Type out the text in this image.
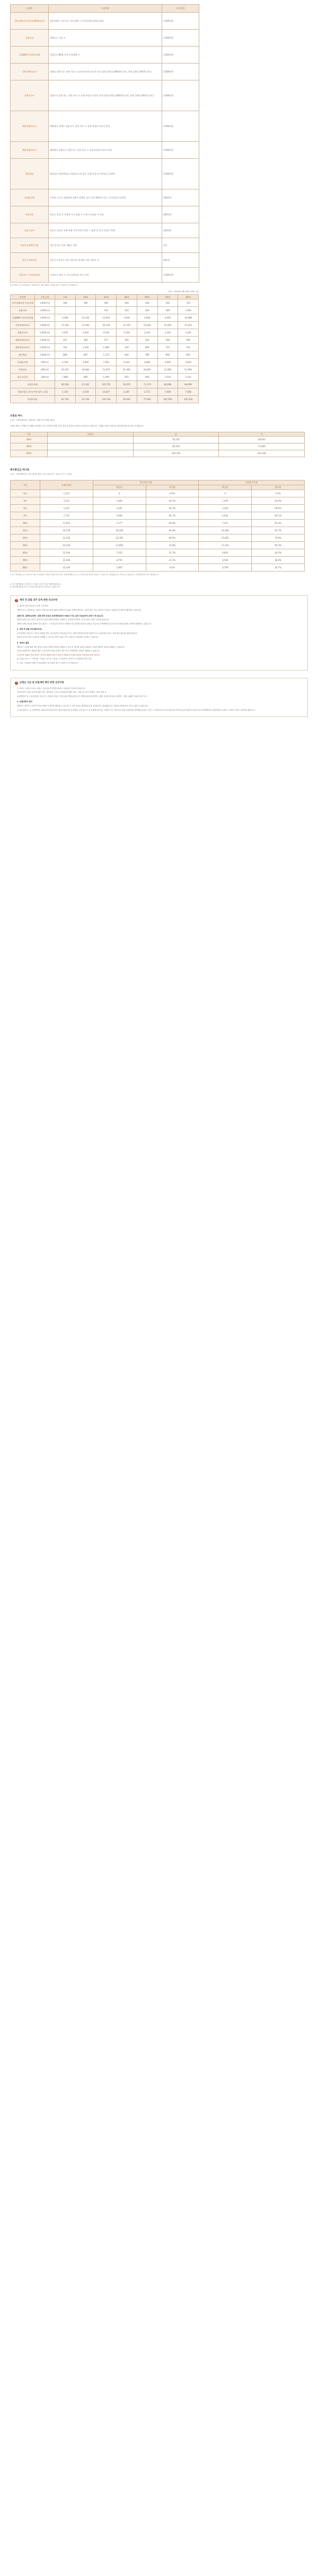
보장명	보장내용	보상금액
일반상해사망·후유장해(3%초과)	일반상해로 사망 또는 후유장해 시 (가입금액×장해지급률)	1,000만원
질병사망	질병으로 사망 시	1,000만원
질병80%이상후유장해	질병으로 80% 이상 후유장해 시	1,000만원
일반상해의료비	상해로 입원 또는 통원 치료 시 실제 부담한 의료비 보상 (입원 최대 5,000만원 한도, 통원 1회당 30만원 한도)	5,000만원
질병의료비	질병으로 입원 또는 통원 치료 시 실제 부담한 의료비 보상 (입원 최대 5,000만원 한도, 통원 1회당 30만원 한도)	5,000만원
해외상해의료비	해외에서 상해로 입원 또는 통원 치료 시 실제 부담한 의료비 보상	5,000만원
해외질병의료비	해외에서 질병으로 입원 또는 통원 치료 시 실제 부담한 의료비 보상	5,000만원
배상책임	법률상의 배상책임을 부담함으로써 입은 손해 보상 (자기부담금 1만원)	3,000만원
휴대품손해	우연한 사고로 휴대품에 손해가 발생한 경우 (1개 20만원 한도, 자기부담금 1만원)	100만원
특별비용	항공기 납치 등 특별한 사고 발생 시 수색·구조비용 등 보상	500만원
항공기납치	항공기 납치로 인해 예정 목적지에 도착할 수 없게 된 경우 1일당 7만원	140만원
여권분실재발급비용	여권 분실로 인한 재발급 비용	실비
항공기지연비용	항공기가 4시간 이상 지연되어 발생한 식비·숙박비 등	20만원
중대사고 구조송환비용	중대사고 발생 시 구조·송환비용 실손 보상	1,000만원
※ 보상한도 및 자기부담금, 면책사항 등 세부 내용은 약관을 반드시 확인하시기 바랍니다.
(기준 : 2019년 3월 현재 / 단위 : 원)
보장명	가입금액	1세	10세	20세	30세	40세	50세	60세
일반상해사망·후유장해	1,000만원	180	180	630	630	540	540	720
질병사망	1,000만원	-	-	150	150	240	480	1,260
질병80%이상후유장해	1,000만원	3,390	10,350	13,050	1,940	2,980	4,950	10,680
일반상해의료비	5,000만원	11,550	15,460	20,160	11,520	14,020	15,020	15,020
질병의료비	5,000만원	2,670	2,650	4,540	5,300	2,450	3,320	3,320
해외상해의료비	5,000만원	267	366	477	180	200	299	299
해외질병의료비	5,000만원	750	1,226	1,468	450	600	705	705
배상책임	3,000만원	889	687	1,213	844	789	804	804
휴대품손해	100만원	4,190	3,600	7,050	6,320	4,680	4,920	4,920
특별비용	500만원	50,100	42,860	55,510	31,460	40,800	51,960	51,960
항공기납치	140만원	7,880	980	1,090	950	900	1,010	1,010
보험료합계		80,548	67,461	105,750	54,070	71,379	84,669	84,669
적립보험료 (자동이체 할인 포함)		2,154	4,559	10,067	1,007	2,721	7,608	7,608
합계보험료		82,700	62,100	140,100	58,300	75,000	102,200	102,200
보험료 예시
(기준 : 일반상해사망, 질병사망, 여행기간 1개월, 월납)
보험료 예시는 여행기간 1개월, 피보험자 1인 기준이며 성별, 연령, 직업 등에 따라 보험료는 달라질 수 있습니다. 자세한 사항은 약관 및 상품설명서를 참고하시기 바랍니다.
구분	보험료	남	여
30세		50,150	58,000
40세		60,100	75,000
50세		140,100	102,200
해지환급금 예시표
(기준 : 일반상해사망, 남자 40세, 월납, 1일 / 납입기간 : 20년, 만기 : 20년)
구분	납입보험료	최저보증이율		현재공시이율	
		환급금	환급률	환급금	환급률
1년	1,153	0	0.0%	0	0.0%
3년	3,315	1,469	44.3%	1,474	44.4%
5년	5,525	3,245	58.7%	3,259	58.9%
7년	7,735	5,006	64.7%	5,034	65.1%
10년	11,052	7,177	64.9%	7,227	65.4%
15년	16,578	10,268	61.9%	10,390	62.7%
20년	22,104	14,785	66.9%	15,605	70.6%
30년	22,104	11,669	52.8%	13,323	60.3%
40년	22,104	7,012	31.7%	9,833	44.5%
50년	22,104	4,765	21.5%	8,540	38.6%
60년	22,104	1,867	8.5%	6,796	30.7%
※ 상기 해지환급금은 최저보증이율 및 현재공시이율을 적용한 예시이며, 실제 해지환급금은 공시이율 변동에 따라 달라질 수 있습니다. 해지환급금은 보험료 및 책임준비금 산출방법서에 따라 계산됩니다.
※ 상기 해지환급금 예시표는 보험료 산출 기준을 적용하였습니다.
※ 실제 해지환급금은 공시이율 변동에 따라 달라질 수 있습니다.
!	계약 전 알릴 의무 등에 관한 유의사항

1. 계약전 알릴 의무(중요사항 고지의무)

계약자 또는 피보험자는 청약시 청약서의 질문사항에 대하여 사실대로 알려야 합니다. 그렇지 않은 경우 보험금의 지급이 거절되거나 계약이 해지될 수 있습니다.

질병사망, 질병후유장해 : 질병 관련 보장은 보험계약일부터 90일이 지난 날의 다음날부터 보장이 개시됩니다.

계약전 알릴 의무 사항은 청약서상 질문사항에 한하며, 설계사 등 모집종사자에게 구두로 알린 사항은 효력이 없습니다.

계약전 알릴 의무를 위반한 경우 회사는 그 사실을 안 날부터 1개월 이내, 보장개시일부터 보험금 지급사유가 발생하지 않고 2년이 지났을 때에는 계약을 해지할 수 없습니다.

2. 계약 후 알릴 의무(통지의무)

피보험자의 직업 또는 직무가 변경된 경우, 피보험자가 이륜자동차 또는 원동기장치자전거를 계속적으로 사용하게 된 경우 지체 없이 회사에 알려야 합니다.

위험이 증가된 경우 보험료가 증액될 수 있으며, 알리지 않은 경우 보험금이 삭감되어 지급될 수 있습니다.

3. 청약의 철회

계약자는 보험증권을 받은 날부터 15일 이내에 청약을 철회할 수 있으며, 청약한 날부터 30일이 초과된 계약은 청약을 철회할 수 없습니다.

전문보험계약자가 체결한 계약, 보험기간이 90일 이내인 계약 또는 진단계약은 청약을 철회할 수 없습니다.

※ 청약을 철회한 경우 회사는 청약의 철회를 접수한 날부터 3영업일 이내에 납입한 보험료를 돌려드립니다.

4. 보험금 청구 시 구비서류 : 보험금 청구서, 신분증, 사고증명서, 진단서 등 약관에서 정한 서류

5. 기타 : 보험계약 체결 전 상품설명서 및 약관을 반드시 읽어보시기 바랍니다.

!	보험금 지급 및 보험계약 해지 관련 유의사항

1. 회사는 다음의 사유로 보험금 지급사유가 발생한 때에는 보험금을 지급하지 않습니다.

피보험자가 고의로 자신을 해친 경우, 계약자가 고의로 피보험자를 해친 경우, 전쟁, 외국의 무력행사, 혁명, 내란 등

보험계약자 또는 피보험자의 고의 또는 중대한 과실로 인한 손해, 핵연료물질 또는 핵연료물질에 의하여 오염된 물질의 방사성, 폭발성 그 밖의 유해한 특성에 의한 사고

2. 보험계약의 해지

계약자는 계약이 소멸하기 전에 언제든지 계약을 해지할 수 있으며, 이 경우 회사는 해지환급금을 지급합니다. 해지환급금은 납입한 보험료보다 적거나 없을 수 있습니다.

3. 예금자보호 : 이 보험계약은 예금자보호법에 따라 예금보험공사가 보호하되, 보호 한도는 본 보험회사에 있는 귀하의 모든 예금보호 대상 금융상품의 해지환급금(또는 만기 시 보험금이나 사고보험금)에 기타지급금을 합하여 1인당 최고 5천만원이며, 5천만원을 초과하는 나머지 금액은 보호하지 않습니다.
